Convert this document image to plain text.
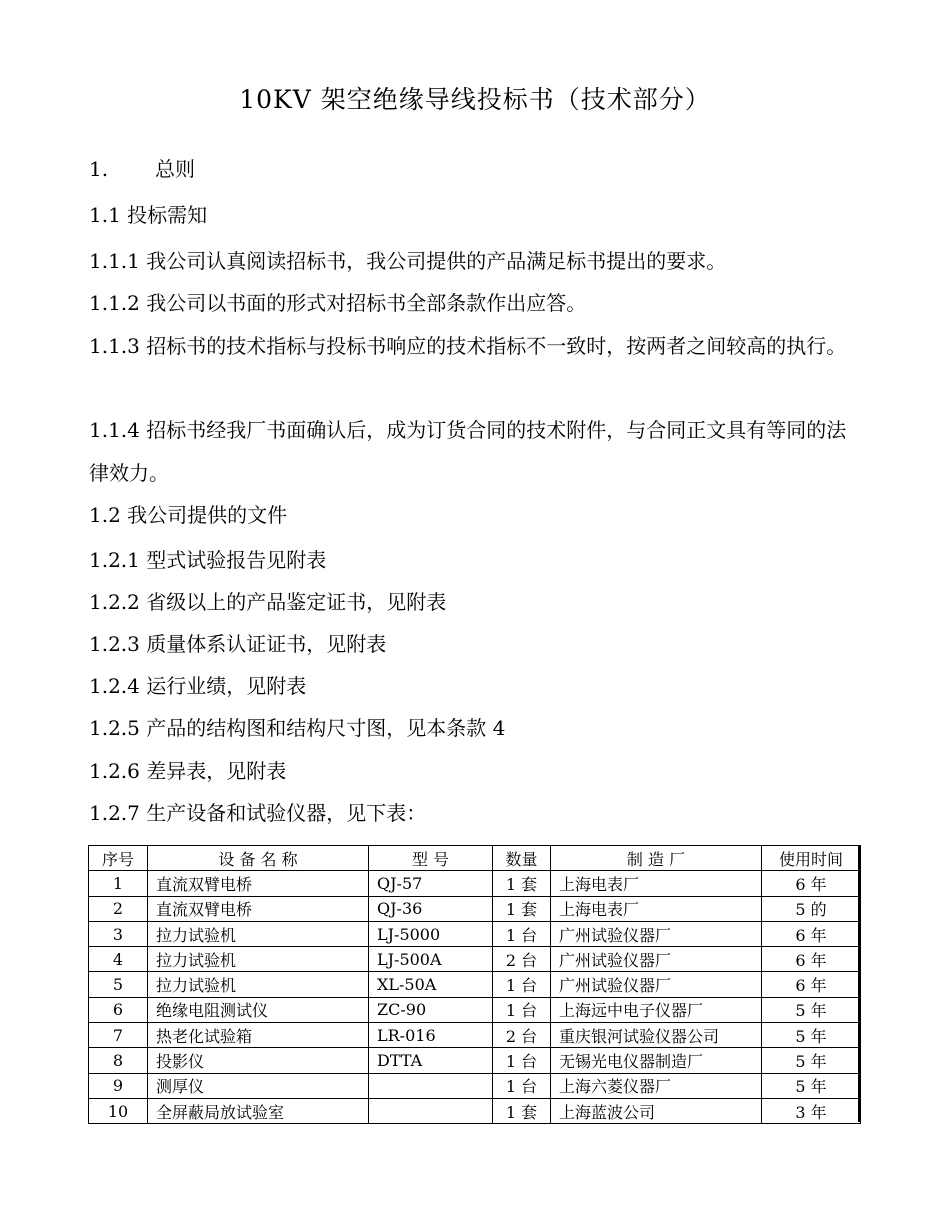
10KV 架空绝缘导线投标书（技术部分）
1. 总则
1.1 投标需知
1.1.1 我公司认真阅读招标书，我公司提供的产品满足标书提出的要求。
1.1.2 我公司以书面的形式对招标书全部条款作出应答。
1.1.3 招标书的技术指标与投标书响应的技术指标不一致时，按两者之间较高的执行。
1.1.4 招标书经我厂书面确认后，成为订货合同的技术附件，与合同正文具有等同的法律效力。
1.2 我公司提供的文件
1.2.1 型式试验报告见附表
1.2.2 省级以上的产品鉴定证书，见附表
1.2.3 质量体系认证证书，见附表
1.2.4 运行业绩，见附表
1.2.5 产品的结构图和结构尺寸图，见本条款 4
1.2.6 差异表，见附表
1.2.7 生产设备和试验仪器，见下表：
序号	设 备 名 称	型 号	数量	制 造 厂	使用时间
1	直流双臂电桥	QJ-57	1 套	上海电表厂	6 年
2	直流双臂电桥	QJ-36	1 套	上海电表厂	5 的
3	拉力试验机	LJ-5000	1 台	广州试验仪器厂	6 年
4	拉力试验机	LJ-500A	2 台	广州试验仪器厂	6 年
5	拉力试验机	XL-50A	1 台	广州试验仪器厂	6 年
6	绝缘电阻测试仪	ZC-90	1 台	上海远中电子仪器厂	5 年
7	热老化试验箱	LR-016	2 台	重庆银河试验仪器公司	5 年
8	投影仪	DTTA	1 台	无锡光电仪器制造厂	5 年
9	测厚仪		1 台	上海六菱仪器厂	5 年
10	全屏蔽局放试验室		1 套	上海蓝波公司	3 年
